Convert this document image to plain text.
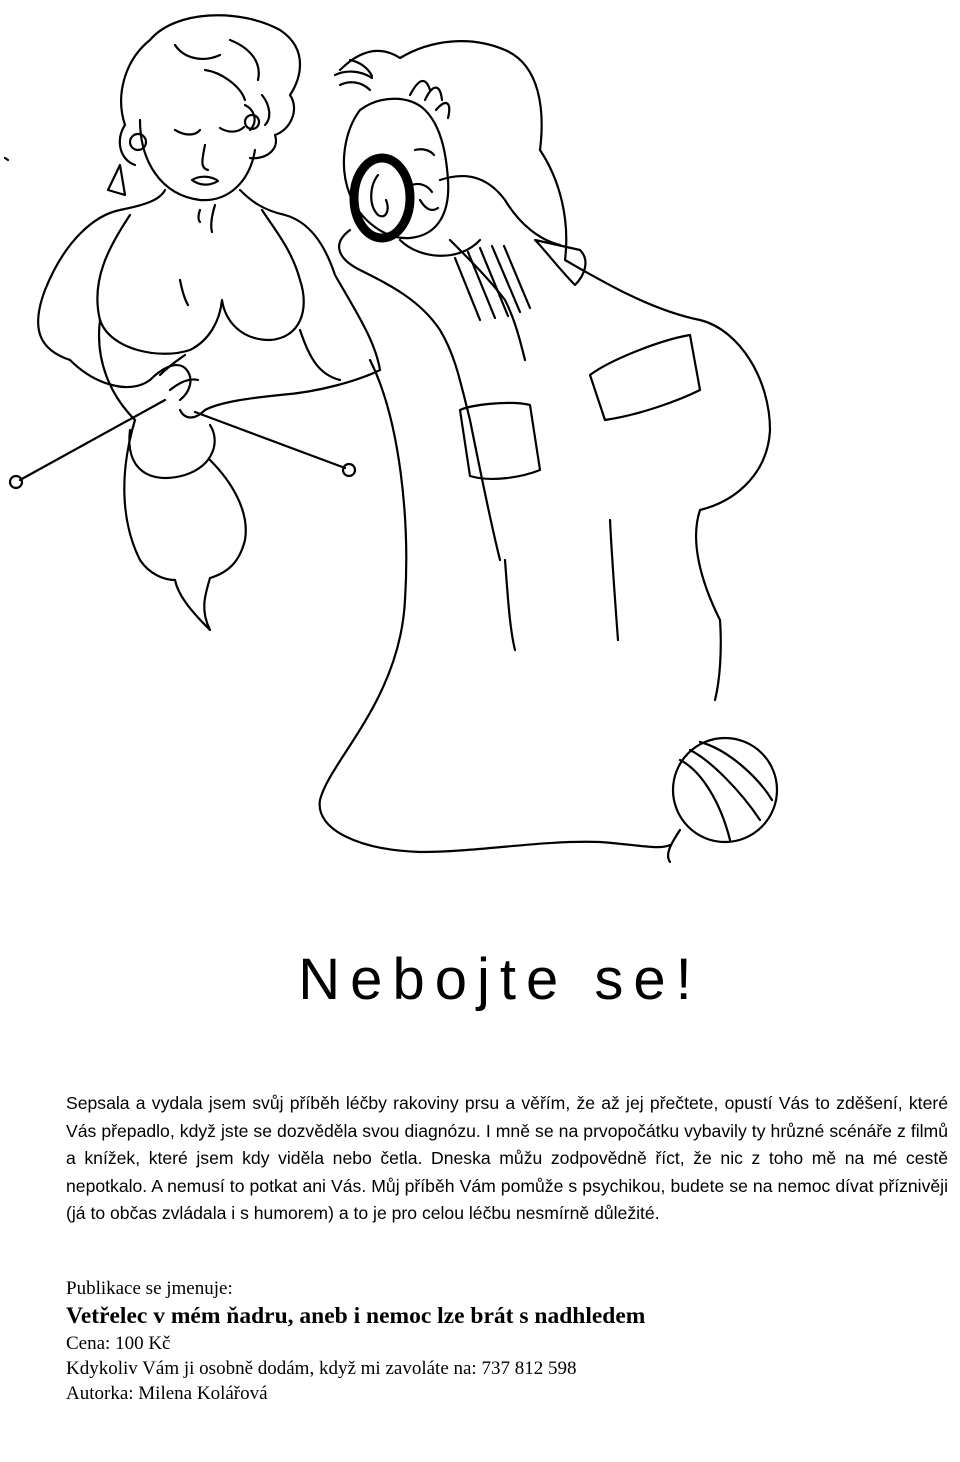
Nebojte se!

Sepsala a vydala jsem svůj příběh léčby rakoviny prsu a věřím, že až jej přečtete, opustí Vás to zděšení, které Vás přepadlo, když jste se dozvěděla svou diagnózu. I mně se na prvopočátku vybavily ty hrůzné scénáře z filmů a knížek, které jsem kdy viděla nebo četla. Dneska můžu zodpovědně říct, že nic z toho mě na mé cestě nepotkalo. A nemusí to potkat ani Vás. Můj příběh Vám pomůže s psychikou, budete se na nemoc dívat příznivěji (já to občas zvládala i s humorem) a to je pro celou léčbu nesmírně důležité.

Publikace se jmenuje:
Vetřelec v mém ňadru, aneb i nemoc lze brát s nadhledem
Cena: 100 Kč
Kdykoliv Vám ji osobně dodám, když mi zavoláte na: 737 812 598
Autorka: Milena Kolářová
